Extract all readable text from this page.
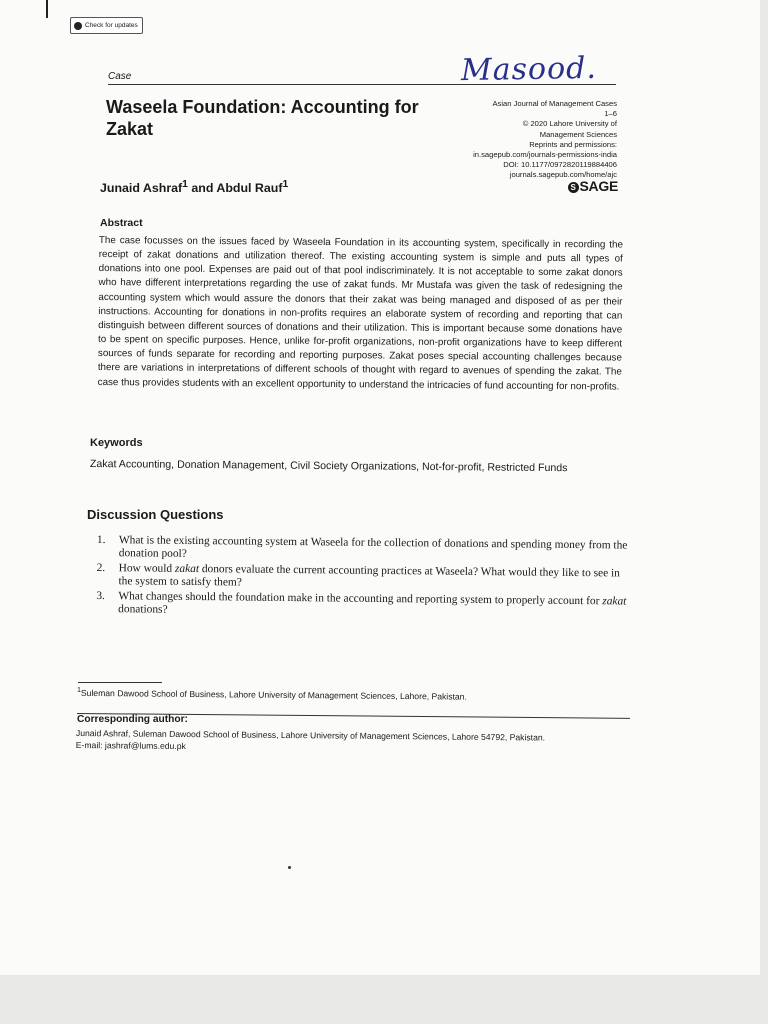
Check for updates
Case	Masood.
Waseela Foundation: Accounting for Zakat
Asian Journal of Management Cases
1–6
© 2020 Lahore University of
Management Sciences
Reprints and permissions:
in.sagepub.com/journals-permissions-india
DOI: 10.1177/0972820119884406
journals.sagepub.com/home/ajc
S SAGE
Junaid Ashraf$^1$ and Abdul Rauf$^1$
Abstract
The case focusses on the issues faced by Waseela Foundation in its accounting system, specifically in recording the receipt of zakat donations and utilization thereof. The existing accounting system is simple and puts all types of donations into one pool. Expenses are paid out of that pool indiscriminately. It is not acceptable to some zakat donors who have different interpretations regarding the use of zakat funds. Mr Mustafa was given the task of redesigning the accounting system which would assure the donors that their zakat was being managed and disposed of as per their instructions. Accounting for donations in non-profits requires an elaborate system of recording and reporting that can distinguish between different sources of donations and their utilization. This is important because some donations have to be spent on specific purposes. Hence, unlike for-profit organizations, non-profit organizations have to keep different sources of funds separate for recording and reporting purposes. Zakat poses special accounting challenges because there are variations in interpretations of different schools of thought with regard to avenues of spending the zakat. The case thus provides students with an excellent opportunity to understand the intricacies of fund accounting for non-profits.
Keywords
Zakat Accounting, Donation Management, Civil Society Organizations, Not-for-profit, Restricted Funds
Discussion Questions
1.	What is the existing accounting system at Waseela for the collection of donations and spending money from the donation pool?
2.	How would zakat donors evaluate the current accounting practices at Waseela? What would they like to see in the system to satisfy them?
3.	What changes should the foundation make in the accounting and reporting system to properly account for zakat donations?
$^1$Suleman Dawood School of Business, Lahore University of Management Sciences, Lahore, Pakistan.
Corresponding author:
Junaid Ashraf, Suleman Dawood School of Business, Lahore University of Management Sciences, Lahore 54792, Pakistan.
E-mail: jashraf@lums.edu.pk
